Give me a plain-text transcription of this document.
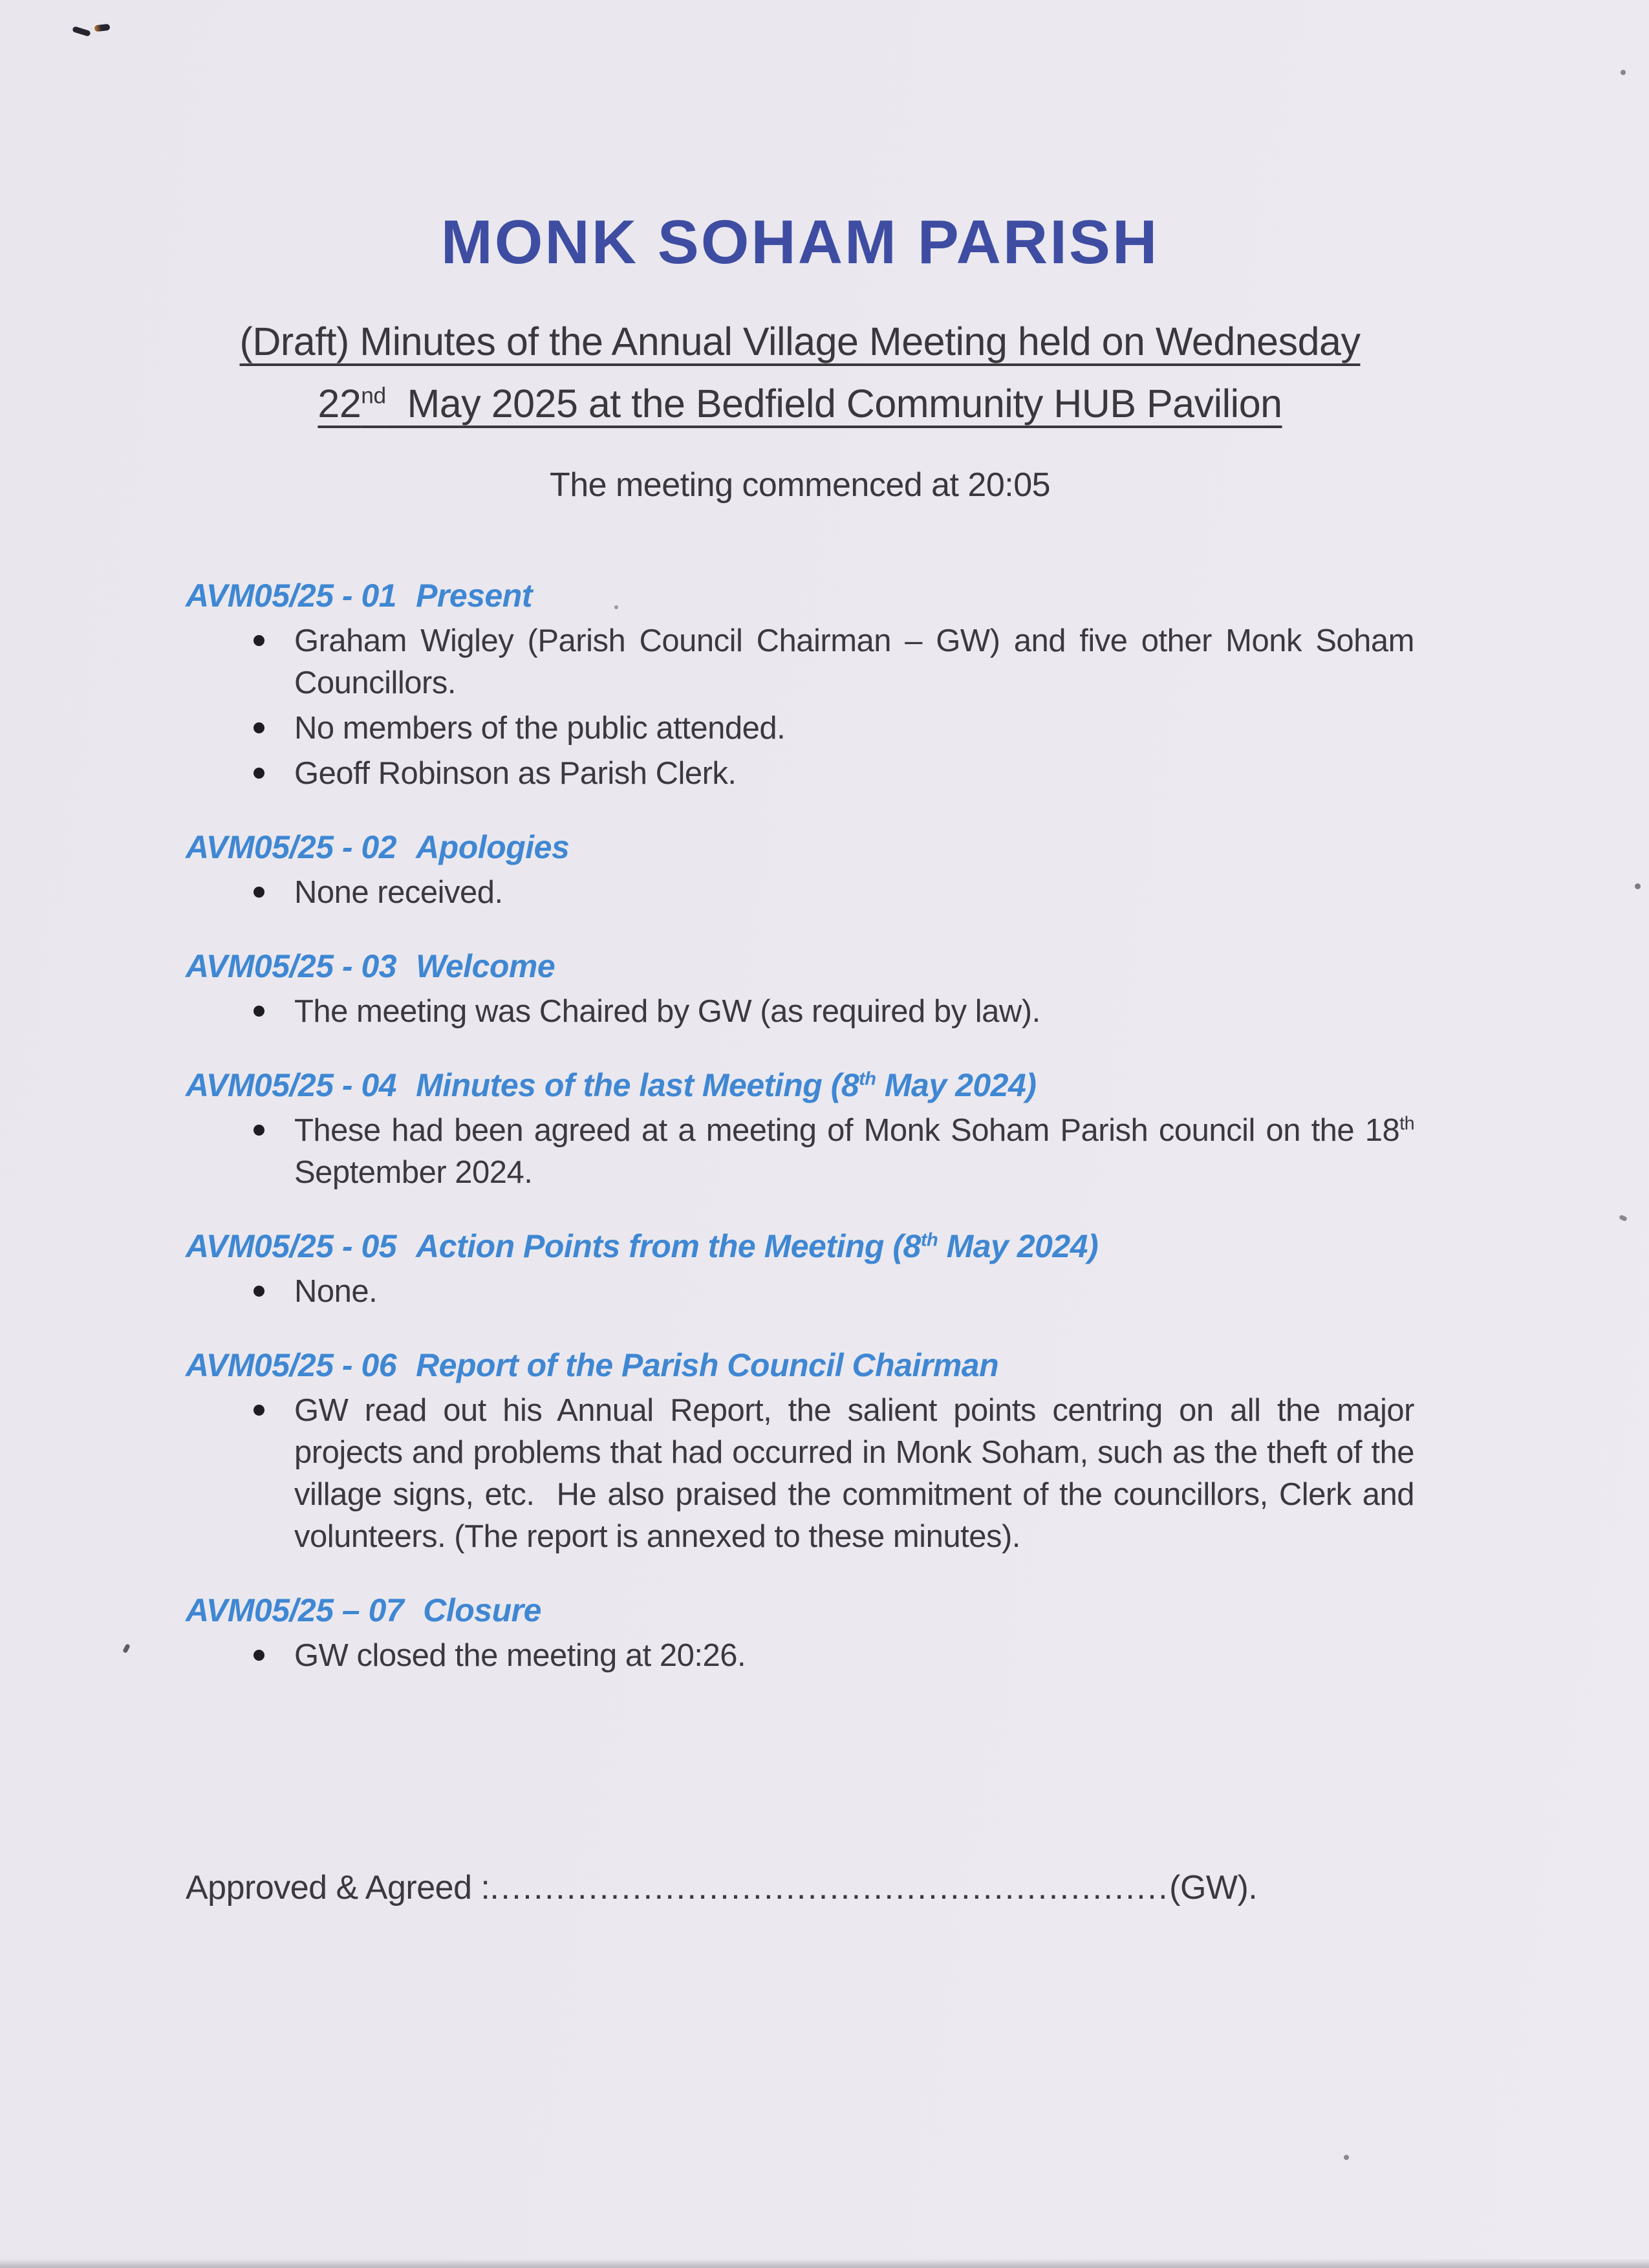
MONK SOHAM PARISH
(Draft) Minutes of the Annual Village Meeting held on Wednesday
22nd  May 2025 at the Bedfield Community HUB Pavilion
The meeting commenced at 20:05
AVM05/25 - 01 Present
Graham Wigley (Parish Council Chairman – GW) and five other Monk Soham Councillors.
No members of the public attended.
Geoff Robinson as Parish Clerk.
AVM05/25 - 02 Apologies
None received.
AVM05/25 - 03 Welcome
The meeting was Chaired by GW (as required by law).
AVM05/25 - 04 Minutes of the last Meeting (8th May 2024)
These had been agreed at a meeting of Monk Soham Parish council on the 18th September 2024.
AVM05/25 - 05 Action Points from the Meeting (8th May 2024)
None.
AVM05/25 - 06 Report of the Parish Council Chairman
GW read out his Annual Report, the salient points centring on all the major projects and problems that had occurred in Monk Soham, such as the theft of the village signs, etc.  He also praised the commitment of the councillors, Clerk and volunteers. (The report is annexed to these minutes).
AVM05/25 – 07 Closure
GW closed the meeting at 20:26.

Approved & Agreed :..............................................................(GW).
